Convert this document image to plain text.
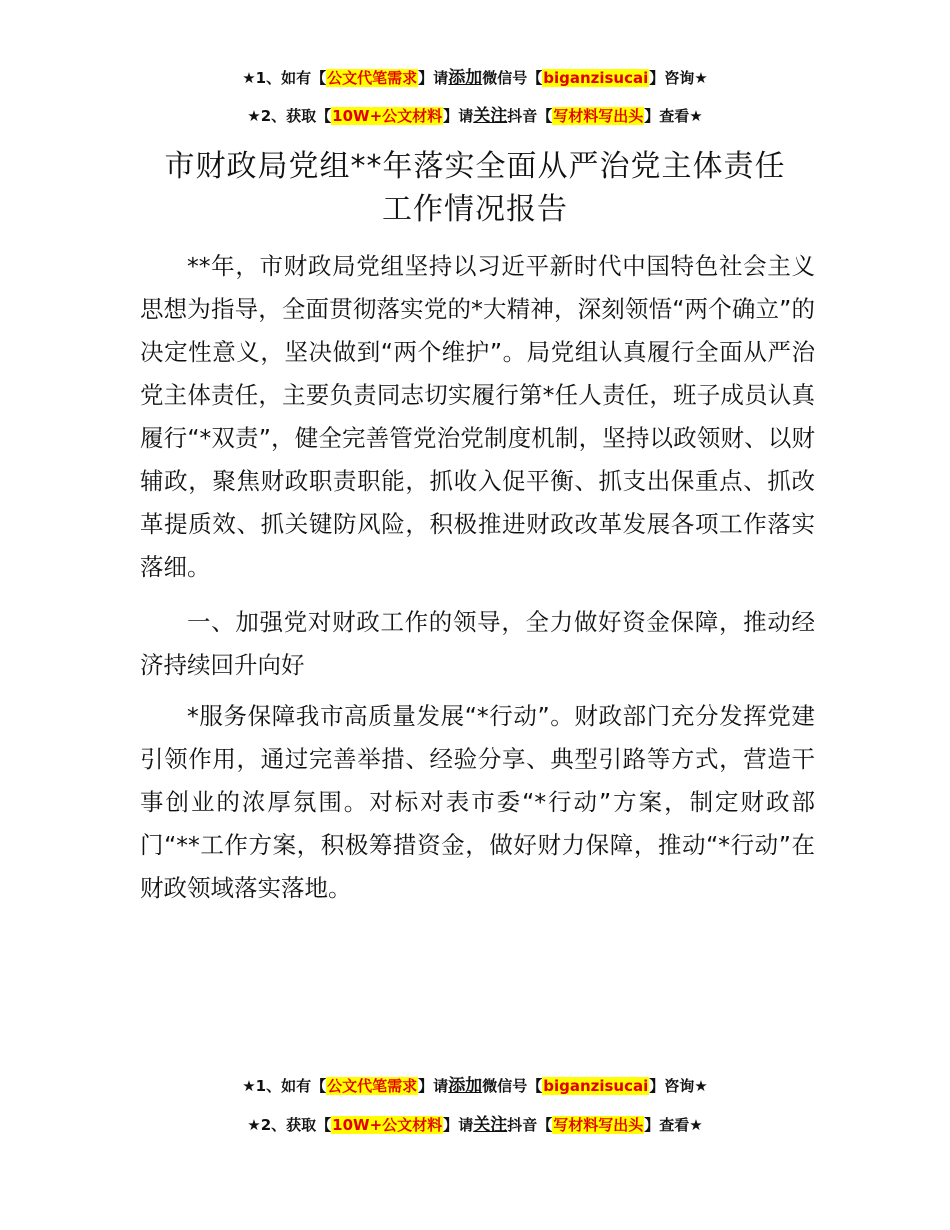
★1、如有【公文代笔需求】请添加微信号【biganzisucai】咨询★
★2、获取【10W+公文材料】请关注抖音【写材料写出头】查看★
市财政局党组**年落实全面从严治党主体责任
工作情况报告

**年，市财政局党组坚持以习近平新时代中国特色社会主义思想为指导，全面贯彻落实党的*大精神，深刻领悟“两个确立”的决定性意义，坚决做到“两个维护”。局党组认真履行全面从严治党主体责任，主要负责同志切实履行第*任人责任，班子成员认真履行“*双责”，健全完善管党治党制度机制，坚持以政领财、以财辅政，聚焦财政职责职能，抓收入促平衡、抓支出保重点、抓改革提质效、抓关键防风险，积极推进财政改革发展各项工作落实落细。

一、加强党对财政工作的领导，全力做好资金保障，推动经济持续回升向好

*服务保障我市高质量发展“*行动”。财政部门充分发挥党建引领作用，通过完善举措、经验分享、典型引路等方式，营造干事创业的浓厚氛围。对标对表市委“*行动”方案，制定财政部门“**工作方案，积极筹措资金，做好财力保障，推动“*行动”在财政领域落实落地。

★1、如有【公文代笔需求】请添加微信号【biganzisucai】咨询★
★2、获取【10W+公文材料】请关注抖音【写材料写出头】查看★
